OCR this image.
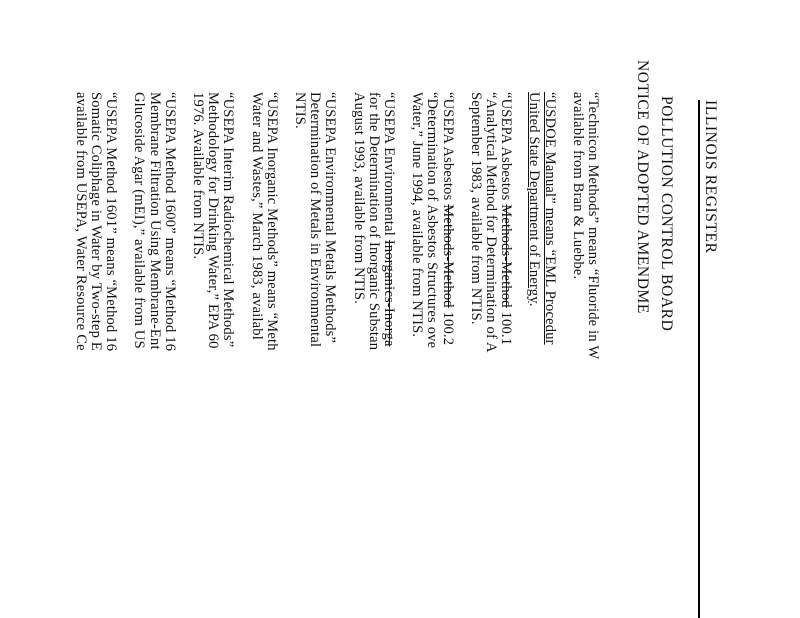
ILLINOIS REGISTER
“Technicon Methods” means “Fluoride in W
available from Bran & Luebbe.
“USDOE Manual” means “EML Procedur
United State Department of Energy.
“USEPA Asbestos Methods-Method 100.1
“Analytical Method for Determination of A
September 1983, available from NTIS.
“USEPA Asbestos Methods-Method 100.2
“Determination of Asbestos Structures ove
Water,” June 1994, available from NTIS.
“USEPA Environmental Inorganics-Inorga
for the Determination of Inorganic Substan
August 1993, available from NTIS.
“USEPA Environmental Metals Methods”
Determination of Metals in Environmental
NTIS.
“USEPA Inorganic Methods” means “Meth
Water and Wastes,” March 1983, availabl
“USEPA Interim Radiochemical Methods”
Methodology for Drinking Water,” EPA 60
1976. Available from NTIS.
“USEPA Method 1600” means “Method 16
Membrane Filtration Using Membrane-Ent
Glucoside Agar (mEI),” available from US
“USEPA Method 1601” means “Method 16
Somatic Coliphage in Water by Two-step E
available from USEPA, Water Resource Ce	POLLUTION CONTROL BOARD
NOTICE OF ADOPTED AMENDME
